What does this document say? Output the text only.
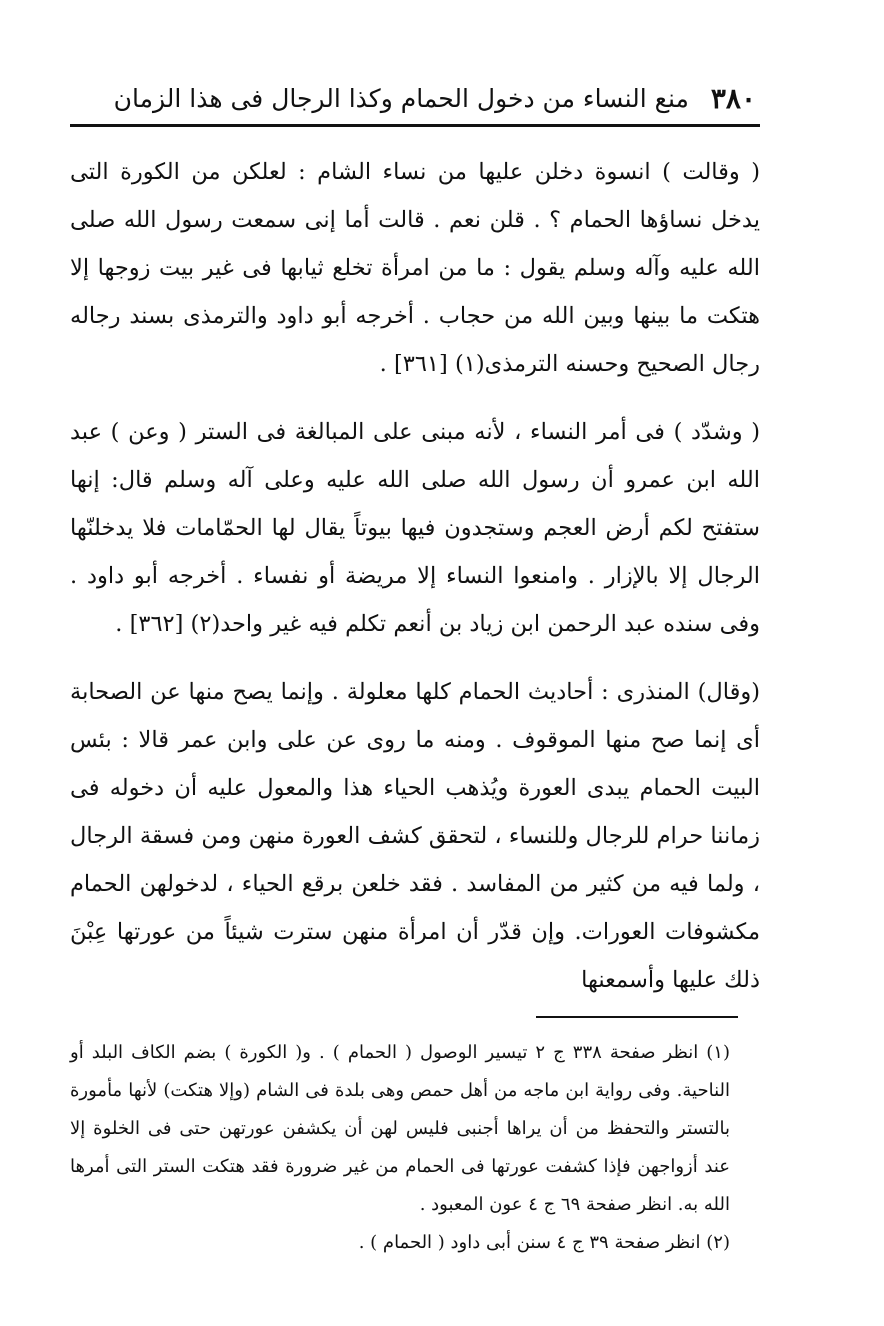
٣٨٠
منع النساء من دخول الحمام وكذا الرجال فى هذا الزمان

( وقالت ) انسوة دخلن عليها من نساء الشام : لعلكن من الكورة التى يدخل نساؤها الحمام ؟ . قلن نعم . قالت أما إنى سمعت رسول الله صلى الله عليه وآله وسلم يقول : ما من امرأة تخلع ثيابها فى غير بيت زوجها إلا هتكت ما بينها وبين الله من حجاب . أخرجه أبو داود والترمذى بسند رجاله رجال الصحيح وحسنه الترمذى(١) [٣٦١] .

( وشدّد ) فى أمر النساء ، لأنه مبنى على المبالغة فى الستر ( وعن ) عبد الله ابن عمرو أن رسول الله صلى الله عليه وعلى آله وسلم قال: إنها ستفتح لكم أرض العجم وستجدون فيها بيوتاً يقال لها الحمّامات فلا يدخلنّها الرجال إلا بالإزار . وامنعوا النساء إلا مريضة أو نفساء . أخرجه أبو داود . وفى سنده عبد الرحمن ابن زياد بن أنعم تكلم فيه غير واحد(٢) [٣٦٢] .

(وقال) المنذرى : أحاديث الحمام كلها معلولة . وإنما يصح منها عن الصحابة أى إنما صح منها الموقوف . ومنه ما روى عن على وابن عمر قالا : بئس البيت الحمام يبدى العورة ويُذهب الحياء هذا والمعول عليه أن دخوله فى زماننا حرام للرجال وللنساء ، لتحقق كشف العورة منهن ومن فسقة الرجال ، ولما فيه من كثير من المفاسد . فقد خلعن برقع الحياء ، لدخولهن الحمام مكشوفات العورات. وإن قدّر أن امرأة منهن سترت شيئاً من عورتها عِبْنَ ذلك عليها وأسمعنها

(١) انظر صفحة ٣٣٨ ج ٢ تيسير الوصول ( الحمام ) . و( الكورة ) بضم الكاف البلد أو الناحية. وفى رواية ابن ماجه من أهل حمص وهى بلدة فى الشام (وإلا هتكت) لأنها مأمورة بالتستر والتحفظ من أن يراها أجنبى فليس لهن أن يكشفن عورتهن حتى فى الخلوة إلا عند أزواجهن فإذا كشفت عورتها فى الحمام من غير ضرورة فقد هتكت الستر التى أمرها الله به. انظر صفحة ٦٩ ج ٤ عون المعبود .

(٢) انظر صفحة ٣٩ ج ٤ سنن أبى داود ( الحمام ) .
